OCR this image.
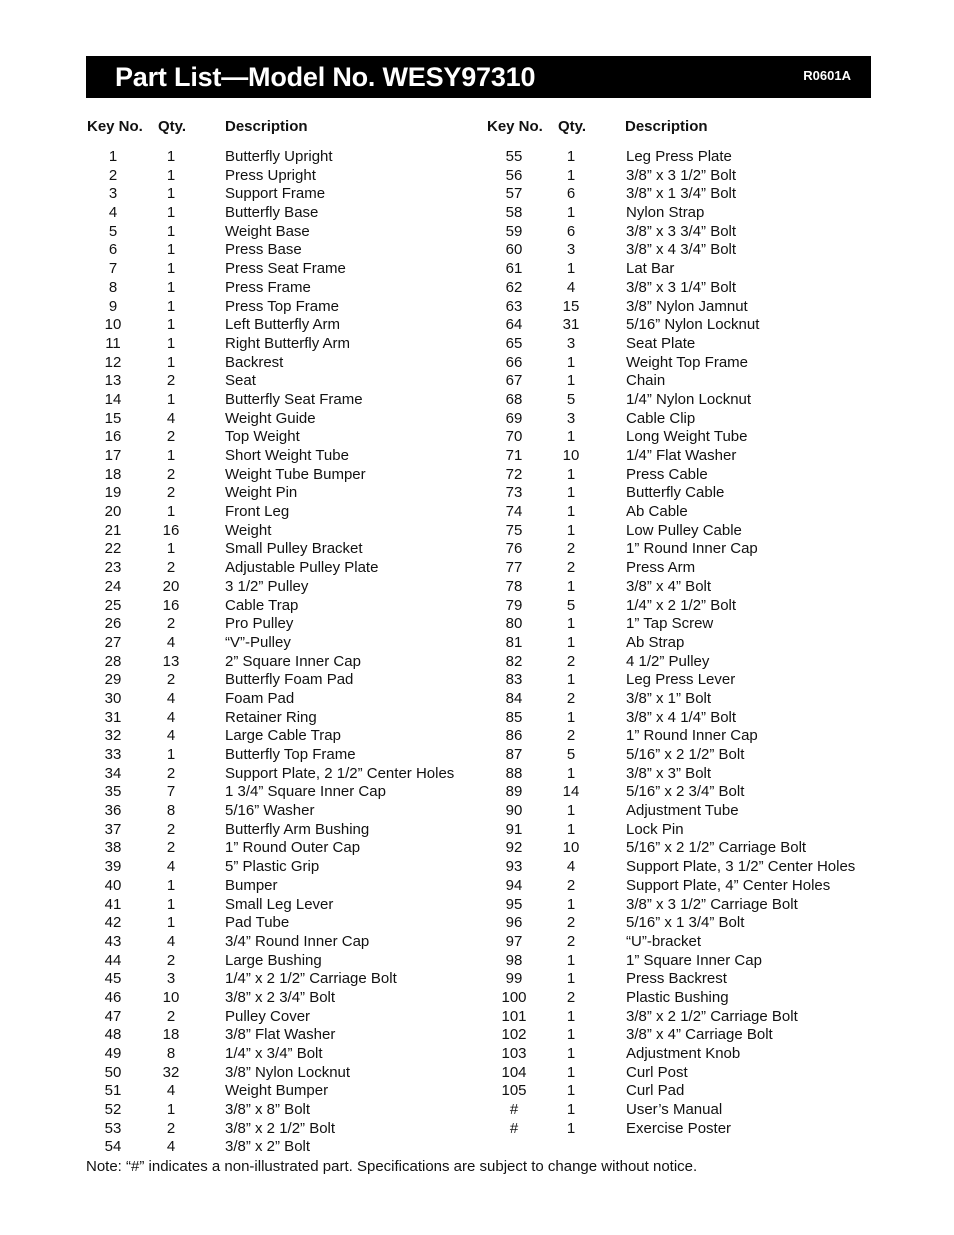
Part List—Model No. WESY97310	R0601A
Key No. Qty.	Description	Key No. Qty.	Description
1	1	Butterfly Upright	55	1	Leg Press Plate
2	1	Press Upright	56	1	3/8” x 3 1/2” Bolt
3	1	Support Frame	57	6	3/8” x 1 3/4” Bolt
4	1	Butterfly Base	58	1	Nylon Strap
5	1	Weight Base	59	6	3/8” x 3 3/4” Bolt
6	1	Press Base	60	3	3/8” x 4 3/4” Bolt
7	1	Press Seat Frame	61	1	Lat Bar
8	1	Press Frame	62	4	3/8” x 3 1/4” Bolt
9	1	Press Top Frame	63	15	3/8” Nylon Jamnut
10	1	Left Butterfly Arm	64	31	5/16” Nylon Locknut
11	1	Right Butterfly Arm	65	3	Seat Plate
12	1	Backrest	66	1	Weight Top Frame
13	2	Seat	67	1	Chain
14	1	Butterfly Seat Frame	68	5	1/4” Nylon Locknut
15	4	Weight Guide	69	3	Cable Clip
16	2	Top Weight	70	1	Long Weight Tube
17	1	Short Weight Tube	71	10	1/4” Flat Washer
18	2	Weight Tube Bumper	72	1	Press Cable
19	2	Weight Pin	73	1	Butterfly Cable
20	1	Front Leg	74	1	Ab Cable
21	16	Weight	75	1	Low Pulley Cable
22	1	Small Pulley Bracket	76	2	1” Round Inner Cap
23	2	Adjustable Pulley Plate	77	2	Press Arm
24	20	3 1/2” Pulley	78	1	3/8” x 4” Bolt
25	16	Cable Trap	79	5	1/4” x 2 1/2” Bolt
26	2	Pro Pulley	80	1	1” Tap Screw
27	4	“V”-Pulley	81	1	Ab Strap
28	13	2” Square Inner Cap	82	2	4 1/2” Pulley
29	2	Butterfly Foam Pad	83	1	Leg Press Lever
30	4	Foam Pad	84	2	3/8” x 1” Bolt
31	4	Retainer Ring	85	1	3/8” x 4 1/4” Bolt
32	4	Large Cable Trap	86	2	1” Round Inner Cap
33	1	Butterfly Top Frame	87	5	5/16” x 2 1/2” Bolt
34	2	Support Plate, 2 1/2” Center Holes	88	1	3/8” x 3” Bolt
35	7	1 3/4” Square Inner Cap	89	14	5/16” x 2 3/4” Bolt
36	8	5/16” Washer	90	1	Adjustment Tube
37	2	Butterfly Arm Bushing	91	1	Lock Pin
38	2	1” Round Outer Cap	92	10	5/16” x 2 1/2” Carriage Bolt
39	4	5” Plastic Grip	93	4	Support Plate, 3 1/2” Center Holes
40	1	Bumper	94	2	Support Plate, 4” Center Holes
41	1	Small Leg Lever	95	1	3/8” x 3 1/2” Carriage Bolt
42	1	Pad Tube	96	2	5/16” x 1 3/4” Bolt
43	4	3/4” Round Inner Cap	97	2	“U”-bracket
44	2	Large Bushing	98	1	1” Square Inner Cap
45	3	1/4” x 2 1/2” Carriage Bolt	99	1	Press Backrest
46	10	3/8” x 2 3/4” Bolt	100	2	Plastic Bushing
47	2	Pulley Cover	101	1	3/8” x 2 1/2” Carriage Bolt
48	18	3/8” Flat Washer	102	1	3/8” x 4” Carriage Bolt
49	8	1/4” x 3/4” Bolt	103	1	Adjustment Knob
50	32	3/8” Nylon Locknut	104	1	Curl Post
51	4	Weight Bumper	105	1	Curl Pad
52	1	3/8” x 8” Bolt	#	1	User’s Manual
53	2	3/8” x 2 1/2” Bolt	#	1	Exercise Poster
54	4	3/8” x 2” Bolt
Note: “#” indicates a non-illustrated part. Specifications are subject to change without notice.
